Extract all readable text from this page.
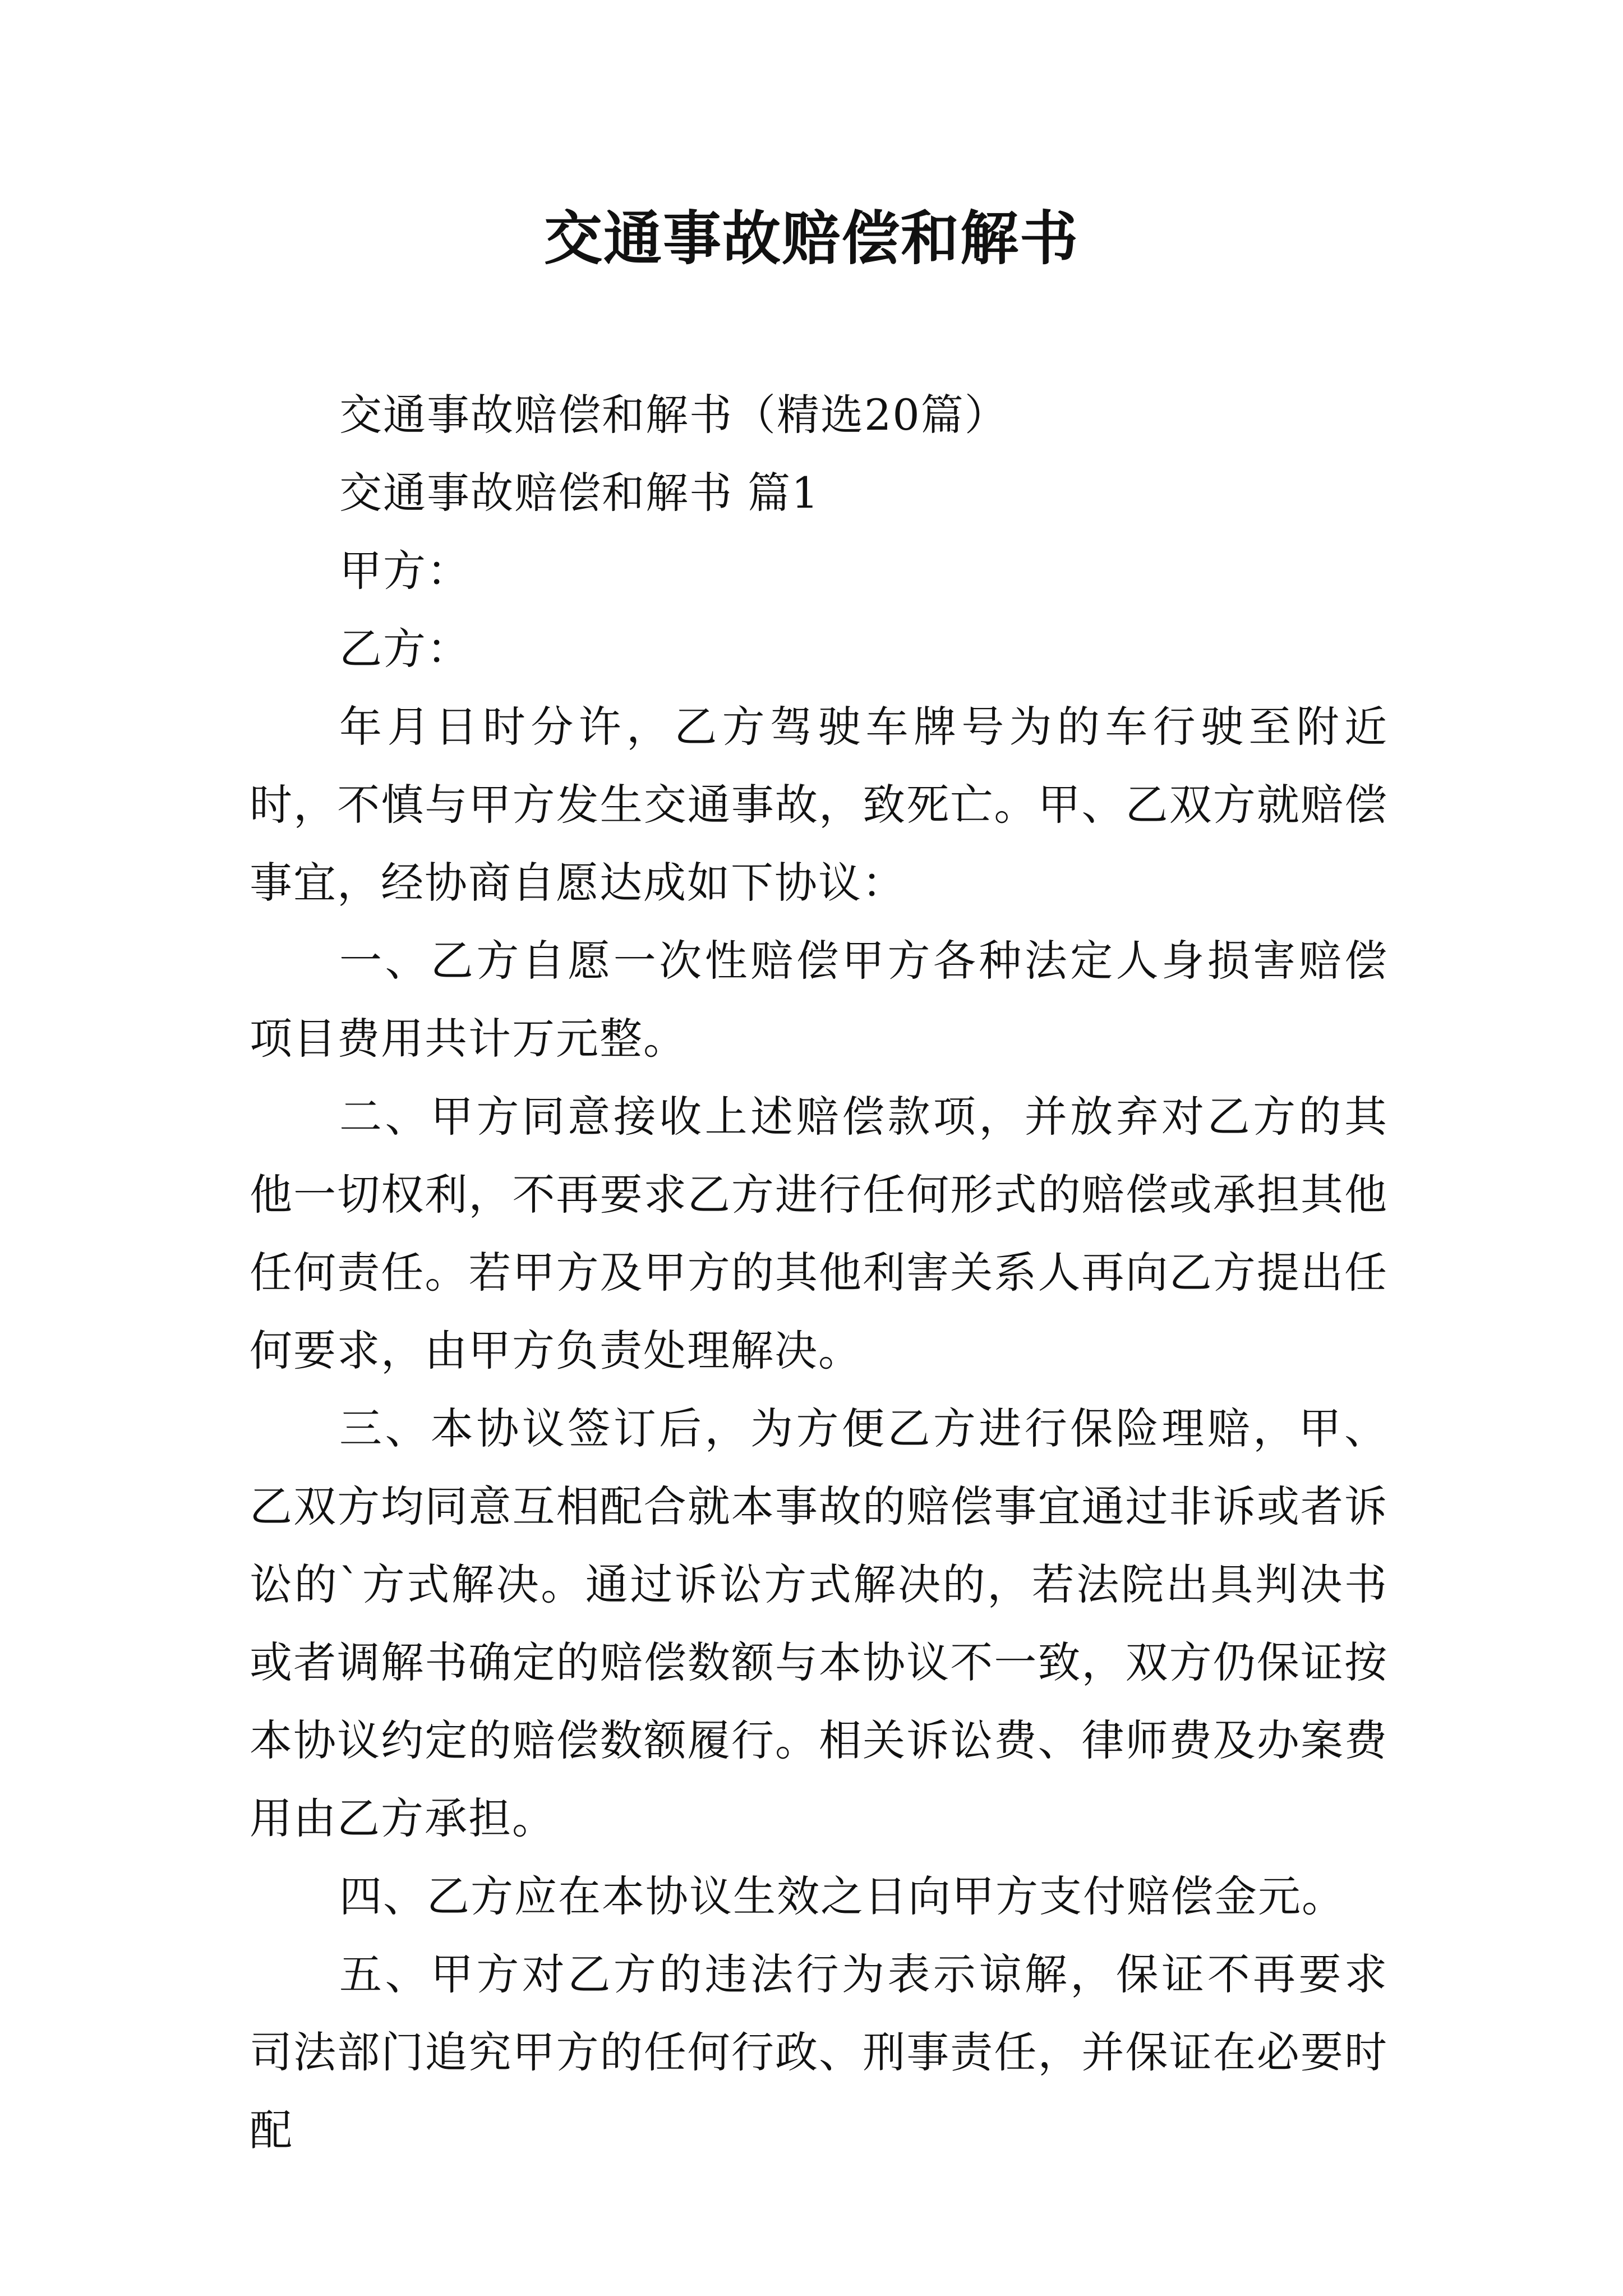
交通事故赔偿和解书

交通事故赔偿和解书（精选20篇）

交通事故赔偿和解书 篇1

甲方：

乙方：

年月日时分许，乙方驾驶车牌号为的车行驶至附近时，不慎与甲方发生交通事故，致死亡。甲、乙双方就赔偿事宜，经协商自愿达成如下协议：

一、乙方自愿一次性赔偿甲方各种法定人身损害赔偿项目费用共计万元整。

二、甲方同意接收上述赔偿款项，并放弃对乙方的其他一切权利，不再要求乙方进行任何形式的赔偿或承担其他任何责任。若甲方及甲方的其他利害关系人再向乙方提出任何要求，由甲方负责处理解决。

三、本协议签订后，为方便乙方进行保险理赔，甲、乙双方均同意互相配合就本事故的赔偿事宜通过非诉或者诉讼的`方式解决。通过诉讼方式解决的，若法院出具判决书或者调解书确定的赔偿数额与本协议不一致，双方仍保证按本协议约定的赔偿数额履行。相关诉讼费、律师费及办案费用由乙方承担。

四、乙方应在本协议生效之日向甲方支付赔偿金元。

五、甲方对乙方的违法行为表示谅解，保证不再要求司法部门追究甲方的任何行政、刑事责任，并保证在必要时配
